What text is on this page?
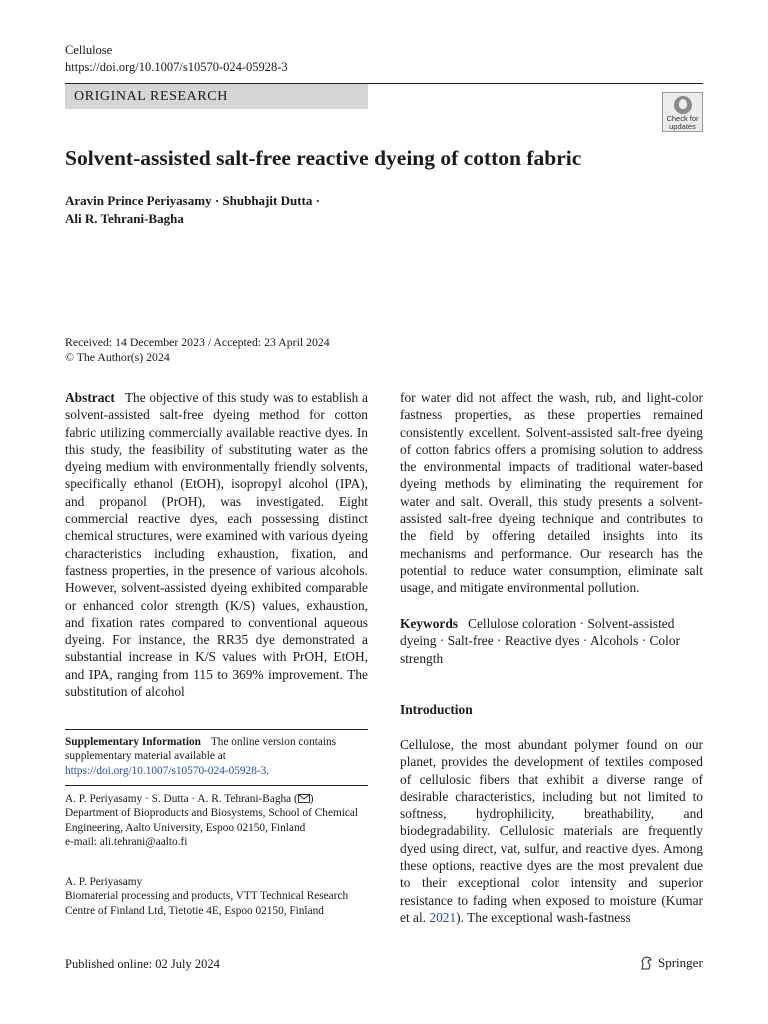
Cellulose
https://doi.org/10.1007/s10570-024-05928-3
ORIGINAL RESEARCH
Check for
updates
Solvent-assisted salt-free reactive dyeing of cotton fabric
Aravin Prince Periyasamy · Shubhajit Dutta ·
Ali R. Tehrani-Bagha
Received: 14 December 2023 / Accepted: 23 April 2024
© The Author(s) 2024
Abstract The objective of this study was to establish a solvent-assisted salt-free dyeing method for cotton fabric utilizing commercially available reactive dyes. In this study, the feasibility of substituting water as the dyeing medium with environmentally friendly solvents, specifically ethanol (EtOH), isopropyl alcohol (IPA), and propanol (PrOH), was investigated. Eight commercial reactive dyes, each possessing distinct chemical structures, were examined with various dyeing characteristics including exhaustion, fixation, and fastness properties, in the presence of various alcohols. However, solvent-assisted dyeing exhibited comparable or enhanced color strength (K/S) values, exhaustion, and fixation rates compared to conventional aqueous dyeing. For instance, the RR35 dye demonstrated a substantial increase in K/S values with PrOH, EtOH, and IPA, ranging from 115 to 369% improvement. The substitution of alcohol
for water did not affect the wash, rub, and light-color fastness properties, as these properties remained consistently excellent. Solvent-assisted salt-free dyeing of cotton fabrics offers a promising solution to address the environmental impacts of traditional water-based dyeing methods by eliminating the requirement for water and salt. Overall, this study presents a solvent-assisted salt-free dyeing technique and contributes to the field by offering detailed insights into its mechanisms and performance. Our research has the potential to reduce water consumption, eliminate salt usage, and mitigate environmental pollution.
Keywords Cellulose coloration · Solvent-assisted dyeing · Salt-free · Reactive dyes · Alcohols · Color strength
Introduction
Cellulose, the most abundant polymer found on our planet, provides the development of textiles composed of cellulosic fibers that exhibit a diverse range of desirable characteristics, including but not limited to softness, hydrophilicity, breathability, and biodegradability. Cellulosic materials are frequently dyed using direct, vat, sulfur, and reactive dyes. Among these options, reactive dyes are the most prevalent due to their exceptional color intensity and superior resistance to fading when exposed to moisture (Kumar et al. 2021). The exceptional wash-fastness
Supplementary Information The online version contains supplementary material available at https://doi.org/10.1007/s10570-024-05928-3.
A. P. Periyasamy · S. Dutta · A. R. Tehrani-Bagha ( )
Department of Bioproducts and Biosystems, School of Chemical Engineering, Aalto University, Espoo 02150, Finland
e-mail: ali.tehrani@aalto.fi
A. P. Periyasamy
Biomaterial processing and products, VTT Technical Research Centre of Finland Ltd, Tietotie 4E, Espoo 02150, Finland
Published online: 02 July 2024	Springer
